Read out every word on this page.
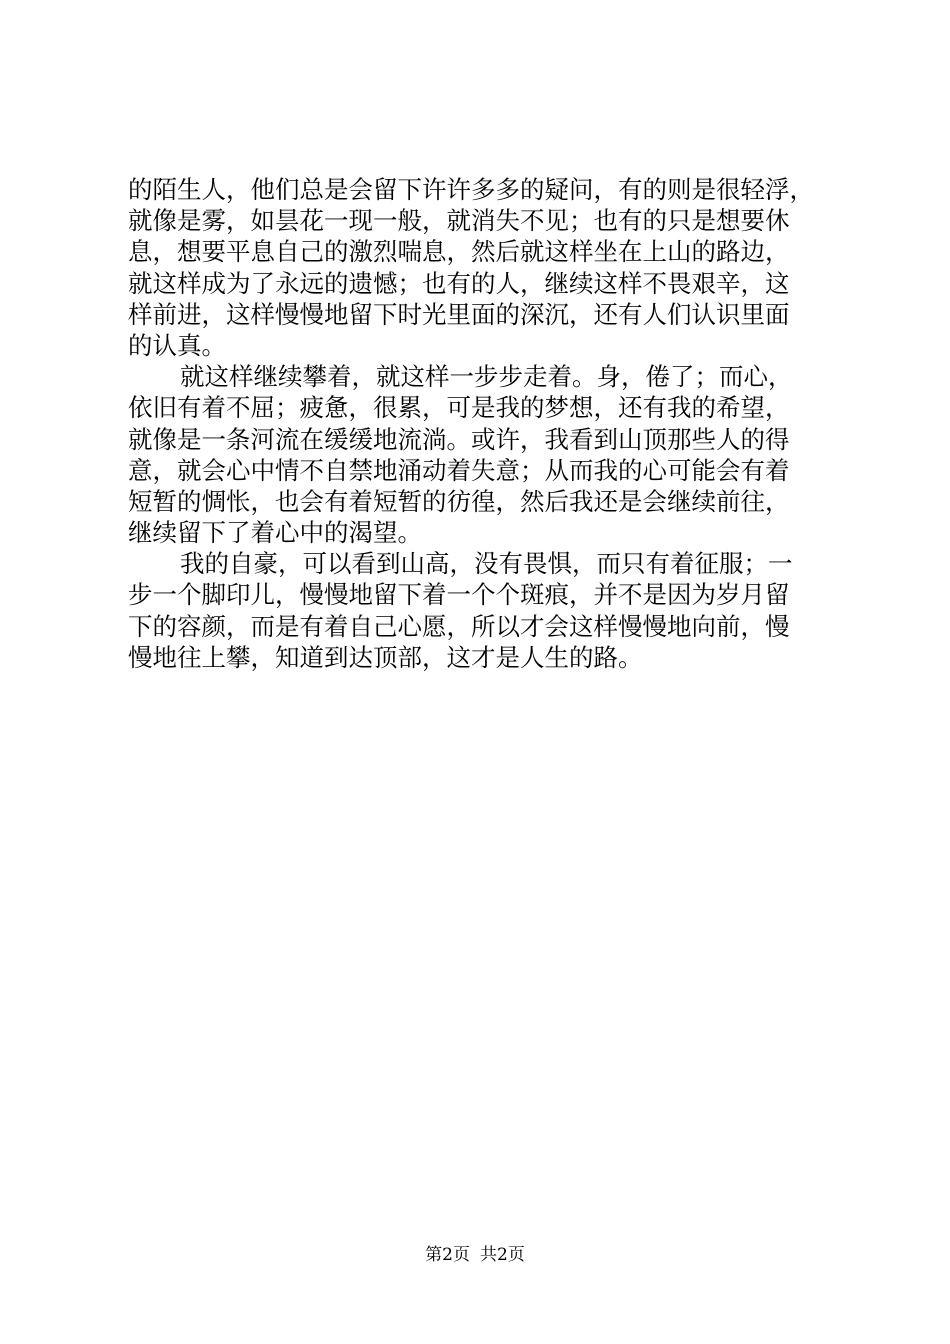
的陌生人，他们总是会留下许许多多的疑问，有的则是很轻浮，
就像是雾，如昙花一现一般，就消失不见；也有的只是想要休
息，想要平息自己的激烈喘息，然后就这样坐在上山的路边，
就这样成为了永远的遗憾；也有的人，继续这样不畏艰辛，这
样前进，这样慢慢地留下时光里面的深沉，还有人们认识里面
的认真。
就这样继续攀着，就这样一步步走着。身，倦了；而心，
依旧有着不屈；疲惫，很累，可是我的梦想，还有我的希望，
就像是一条河流在缓缓地流淌。或许，我看到山顶那些人的得
意，就会心中情不自禁地涌动着失意；从而我的心可能会有着
短暂的惆怅，也会有着短暂的彷徨，然后我还是会继续前往，
继续留下了着心中的渴望。
我的自豪，可以看到山高，没有畏惧，而只有着征服；一
步一个脚印儿，慢慢地留下着一个个斑痕，并不是因为岁月留
下的容颜，而是有着自己心愿，所以才会这样慢慢地向前，慢
慢地往上攀，知道到达顶部，这才是人生的路。
第2页 共2页
